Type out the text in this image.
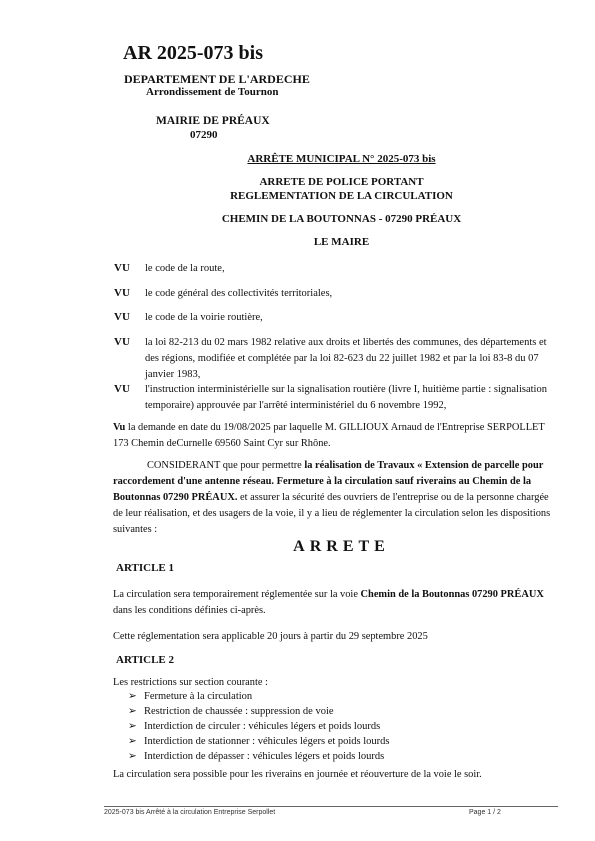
AR 2025-073 bis
DEPARTEMENT DE L'ARDECHE
Arrondissement de Tournon
MAIRIE DE PRÉAUX
07290
ARRÊTE MUNICIPAL N° 2025-073 bis
ARRETE DE POLICE PORTANT
REGLEMENTATION DE LA CIRCULATION
CHEMIN DE LA BOUTONNAS - 07290 PRÉAUX
LE MAIRE
VU le code de la route,
VU le code général des collectivités territoriales,
VU le code de la voirie routière,
VU la loi 82-213 du 02 mars 1982 relative aux droits et libertés des communes, des départements et des régions, modifiée et complétée par la loi 82-623 du 22 juillet 1982 et par la loi 83-8 du 07 janvier 1983,
VU l'instruction interministérielle sur la signalisation routière (livre I, huitième partie : signalisation temporaire) approuvée par l'arrêté interministériel du 6 novembre 1992,
Vu la demande en date du 19/08/2025 par laquelle M. GILLIOUX Arnaud de l'Entreprise SERPOLLET 173 Chemin deCurnelle 69560 Saint Cyr sur Rhône.
CONSIDERANT que pour permettre la réalisation de Travaux « Extension de parcelle pour raccordement d'une antenne réseau. Fermeture à la circulation sauf riverains au Chemin de la Boutonnas 07290 PRÉAUX. et assurer la sécurité des ouvriers de l'entreprise ou de la personne chargée de leur réalisation, et des usagers de la voie, il y a lieu de réglementer la circulation selon les dispositions suivantes :
ARRETE
ARTICLE 1
La circulation sera temporairement réglementée sur la voie Chemin de la Boutonnas 07290 PRÉAUX dans les conditions définies ci-après.
Cette réglementation sera applicable 20 jours à partir du 29 septembre 2025
ARTICLE 2
Les restrictions sur section courante :
➢ Fermeture à la circulation
➢ Restriction de chaussée : suppression de voie
➢ Interdiction de circuler : véhicules légers et poids lourds
➢ Interdiction de stationner : véhicules légers et poids lourds
➢ Interdiction de dépasser : véhicules légers et poids lourds
La circulation sera possible pour les riverains en journée et réouverture de la voie le soir.
2025-073 bis Arrêté à la circulation Entreprise Serpollet	Page 1 / 2
